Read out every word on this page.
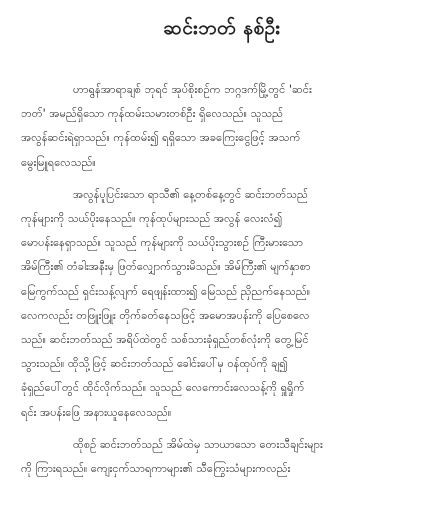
ဆင်းဘတ် နစ်ဦး

ဟာရွန်အာရာချစ် ဘုရင် အုပ်စိုးစဉ်က ဘဂ္ဂဒက်မြို့တွင် 'ဆင်း
ဘတ်' အမည်ရှိသော ကုန်ထမ်းသမားတစ်ဦး ရှိလေသည်။ သူသည်
အလွန်ဆင်းရဲရှာသည်။ ကုန်ထမ်း၍ ရရှိသော အခကြေးငွေဖြင့် အသက်
မွေးမြူရလေသည်။

အလွန်ပူပြင်းသော ရာသီ၏ နေ့တစ်နေ့တွင် ဆင်းဘတ်သည်
ကုန်များကို သယ်ပိုးနေသည်။ ကုန်ထုပ်များသည် အလွန် လေးလံ၍
မောပန်းနေရှာသည်။ သူသည် ကုန်များကို သယ်ပိုးသွားစဉ် ကြီးမားသော
အိမ်ကြီး၏ တံခါးအနီးမှ ဖြတ်လျှောက်သွားမိသည်။ အိမ်ကြီး၏ မျက်နှာစာ
မြေကွက်သည် ရှင်းသန့်လျက် ရေဖျန်းထား၍ မြေသည် ညှိညက်နေသည်။
လေကလည်း တဖြူးဖြူး တိုက်ခတ်နေသဖြင့် အမောအပန်းကို ပြေစေလေ
သည်။ ဆင်းဘတ်သည် အရိပ်ထဲတွင် သစ်သားခုံရှည်တစ်လုံးကို တွေ့မြင်
သွားသည်။ ထိုသို့ဖြင့် ဆင်းဘတ်သည် ခေါင်းပေါ်မှ ဝန်ထုပ်ကို ချ၍
ခုံရှည်ပေါ်တွင် ထိုင်လိုက်သည်။ သူသည် လေကောင်းလေသန့်ကို ရှူရှိုက်
ရင်း အပန်းဖြေ အနားယူနေလေသည်။

ထိုစဉ် ဆင်းဘတ်သည် အိမ်ထဲမှ သာယာသော တေးသီချင်းများ
ကို ကြားရသည်။ ကျေးငှက်သာရကာများ၏ သီကြွေးသံများကလည်း
